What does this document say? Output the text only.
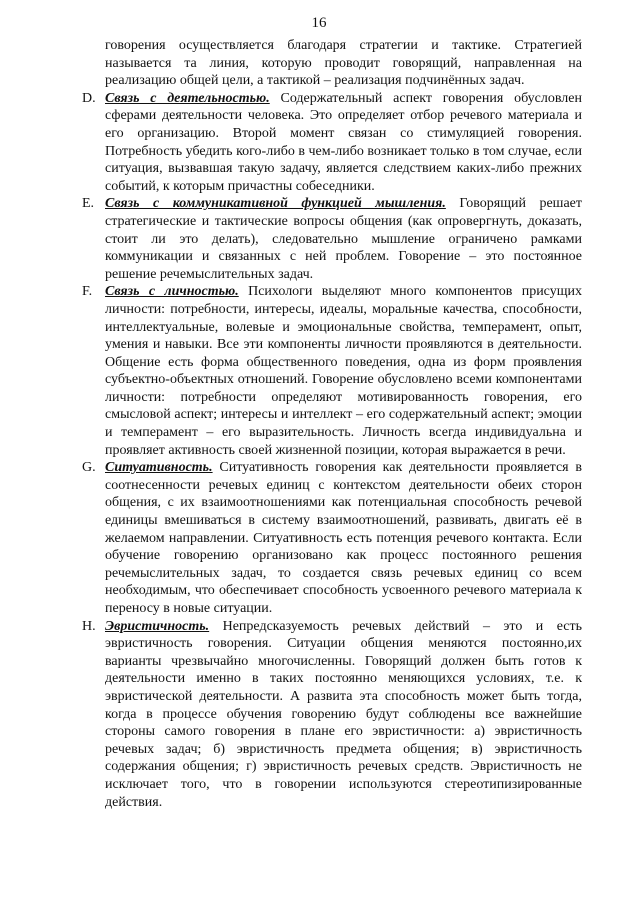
16

говорения осуществляется благодаря стратегии и тактике. Стратегией называется та линия, которую проводит говорящий, направленная на реализацию общей цели, а тактикой – реализация подчинённых задач.

D. Связь с деятельностью. Содержательный аспект говорения обусловлен сферами деятельности человека. Это определяет отбор речевого материала и его организацию. Второй момент связан со стимуляцией говорения. Потребность убедить кого-либо в чем-либо возникает только в том случае, если ситуация, вызвавшая такую задачу, является следствием каких-либо прежних событий, к которым причастны собеседники.

E. Связь с коммуникативной функцией мышления. Говорящий решает стратегические и тактические вопросы общения (как опровергнуть, доказать, стоит ли это делать), следовательно мышление ограничено рамками коммуникации и связанных с ней проблем. Говорение – это постоянное решение речемыслительных задач.

F. Связь с личностью. Психологи выделяют много компонентов присущих личности: потребности, интересы, идеалы, моральные качества, способности, интеллектуальные, волевые и эмоциональные свойства, темперамент, опыт, умения и навыки. Все эти компоненты личности проявляются в деятельности. Общение есть форма общественного поведения, одна из форм проявления субъектно-объектных отношений. Говорение обусловлено всеми компонентами личности: потребности определяют мотивированность говорения, его смысловой аспект; интересы и интеллект – его содержательный аспект; эмоции и темперамент – его выразительность. Личность всегда индивидуальна и проявляет активность своей жизненной позиции, которая выражается в речи.

G. Ситуативность. Ситуативность говорения как деятельности проявляется в соотнесенности речевых единиц с контекстом деятельности обеих сторон общения, с их взаимоотношениями как потенциальная способность речевой единицы вмешиваться в систему взаимоотношений, развивать, двигать её в желаемом направлении. Ситуативность есть потенция речевого контакта. Если обучение говорению организовано как процесс постоянного решения речемыслительных задач, то создается связь речевых единиц со всем необходимым, что обеспечивает способность усвоенного речевого материала к переносу в новые ситуации.

H. Эвристичность. Непредсказуемость речевых действий – это и есть эвристичность говорения. Ситуации общения меняются постоянно,их варианты чрезвычайно многочисленны. Говорящий должен быть готов к деятельности именно в таких постоянно меняющихся условиях, т.е. к эвристической деятельности. А развита эта способность может быть тогда, когда в процессе обучения говорению будут соблюдены все важнейшие стороны самого говорения в плане его эвристичности: а) эвристичность речевых задач; б) эвристичность предмета общения; в) эвристичность содержания общения; г) эвристичность речевых средств. Эвристичность не исключает того, что в говорении используются стереотипизированные действия.
